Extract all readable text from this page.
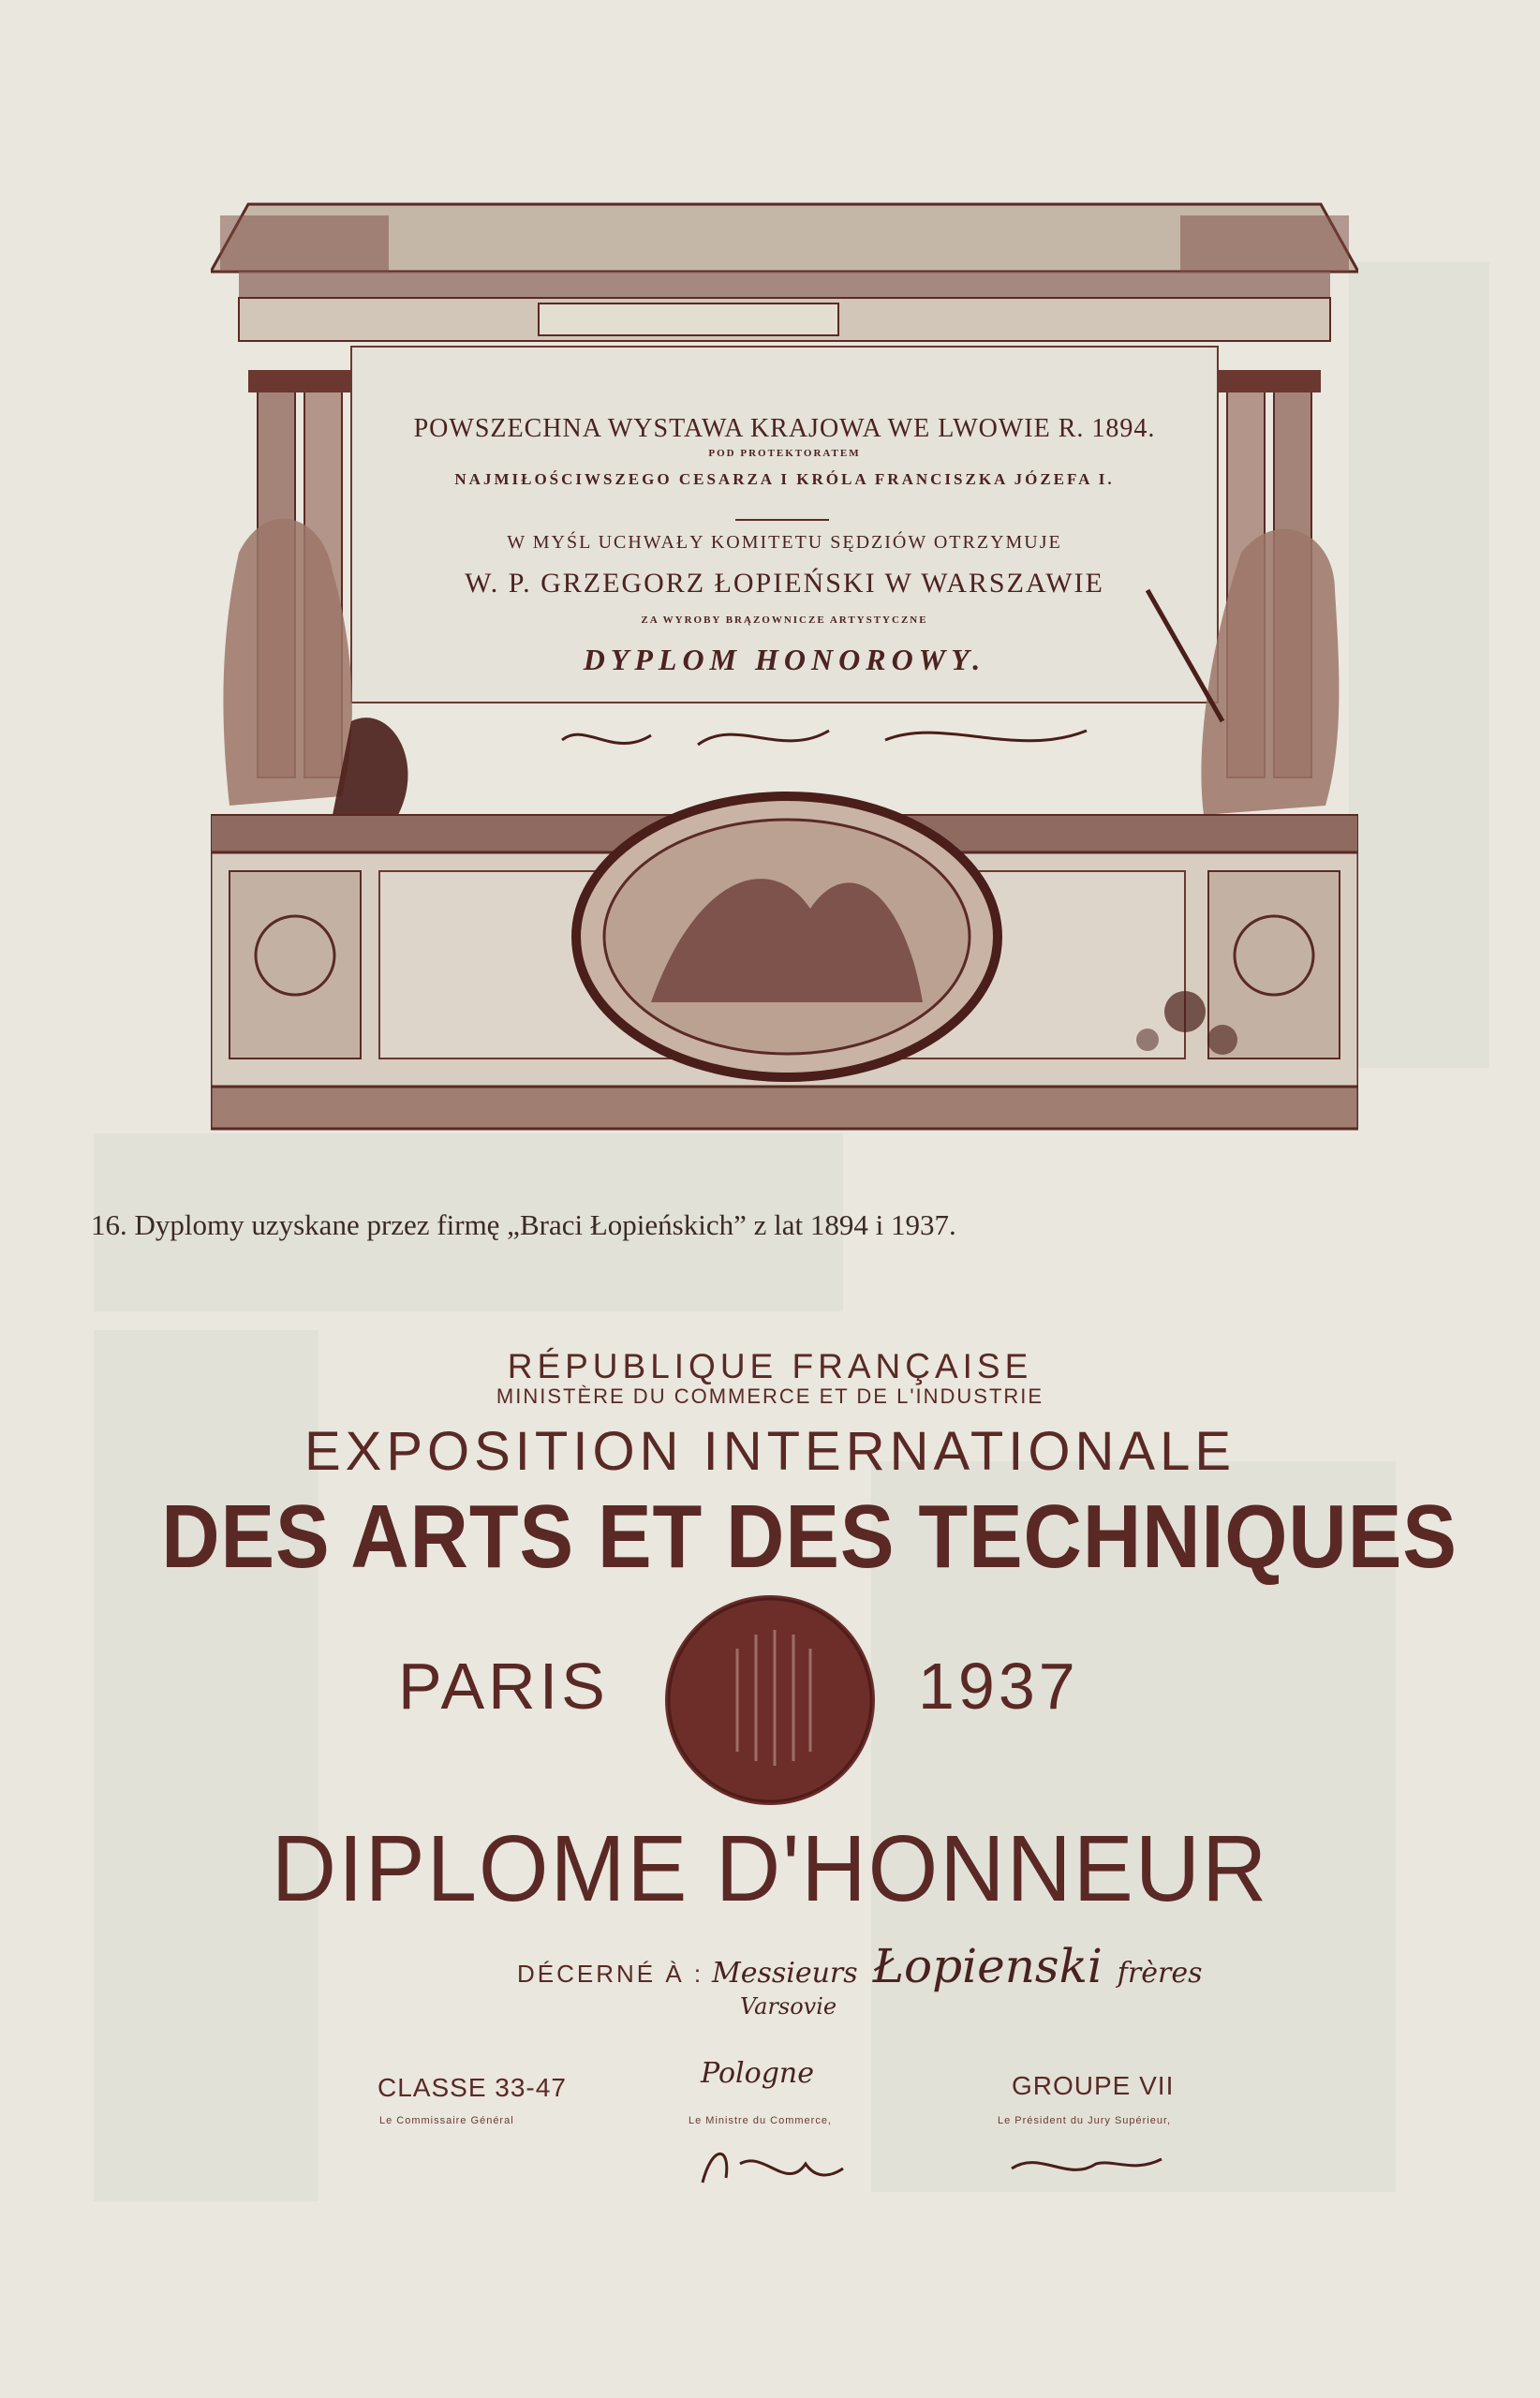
POWSZECHNA WYSTAWA KRAJOWA WE LWOWIE R. 1894.
POD PROTEKTORATEM
NAJMIŁOŚCIWSZEGO CESARZA I KRÓLA FRANCISZKA JÓZEFA I.
W MYŚL UCHWAŁY KOMITETU SĘDZIÓW OTRZYMUJE
W. P. GRZEGORZ ŁOPIEŃSKI W WARSZAWIE
ZA WYROBY BRĄZOWNICZE ARTYSTYCZNE
DYPLOM HONOROWY.
16. Dyplomy uzyskane przez firmę „Braci Łopieńskich” z lat 1894 i 1937.
RÉPUBLIQUE FRANÇAISE
MINISTÈRE DU COMMERCE ET DE L'INDUSTRIE
EXPOSITION INTERNATIONALE
DES ARTS ET DES TECHNIQUES
PARIS	1937
DIPLOME D'HONNEUR
DÉCERNÉ À : Messieurs Łopienski frères
Varsovie
CLASSE 33-47	Pologne	GROUPE VII
Le Commissaire Général	Le Ministre du Commerce,	Le Président du Jury Supérieur,
